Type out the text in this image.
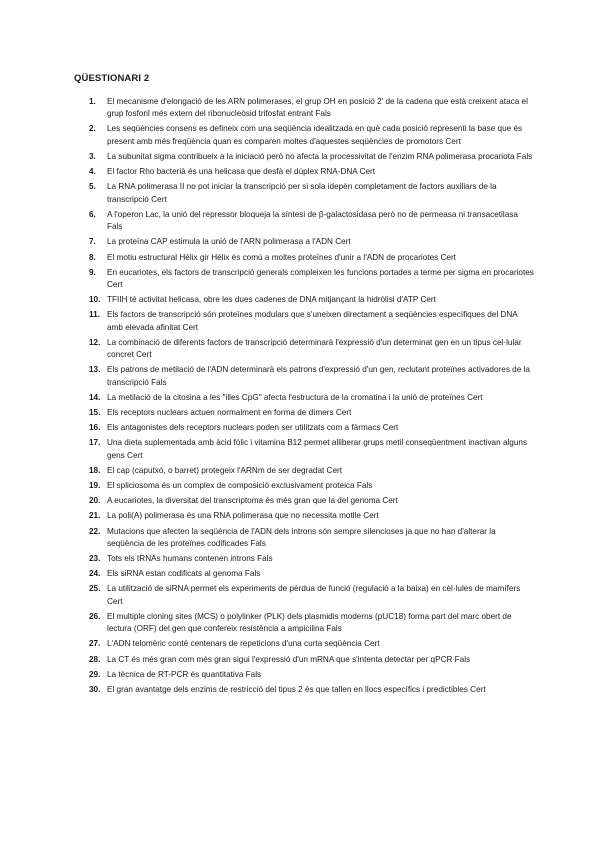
QÜESTIONARI 2
1.	El mecanisme d'elongació de les ARN polimerases, el grup OH en posició 2' de la cadena que està creixent ataca el grup fosforil més extern del ribonucleòsid trifosfat entrant Fals
2.	Les seqüències consens es defineix com una seqüència idealitzada en què cada posició representi la base que és present amb més freqüència quan es comparen moltes d'aquestes seqüències de promotors Cert
3.	La subunitat sigma contribueix a la iniciació però no afecta la processivitat de l'enzim RNA polimerasa procariota Fals
4.	El factor Rho bacterià és una helicasa que desfà el dúplex RNA-DNA Cert
5.	La RNA polimerasa II no pot iniciar la transcripció per si sola idepèn completament de factors auxiliars de la transcripció Cert
6.	A l'operon Lac, la unió del repressor bloqueja la síntesi de β-galactosidasa però no de permeasa ni transacetilasa Fals
7.	La proteïna CAP estimula la unió de l'ARN polimerasa a l'ADN Cert
8.	El motiu estructural Hèlix gir Hèlix és comú a moltes proteïnes d'unir a l'ADN de procariotes Cert
9.	En eucariotes, els factors de transcripció generals compleixen les funcions portades a terme per sigma en procariotes Cert
10. TFIIH té activitat helicasa, obre les dues cadenes de DNA mitjançant la hidròlisi d'ATP Cert
11. Els factors de transcripció són proteïnes modulars que s'uneixen directament a seqüències específiques del DNA amb elevada afinitat Cert
12. La combinació de diferents factors de transcripció determinarà l'expressió d'un determinat gen en un tipus cel·lular concret Cert
13. Els patrons de metilació de l'ADN determinarà els patrons d'expressió d'un gen, reclutant proteïnes activadores de la transcripció Fals
14. La metilació de la citosina a les "illes CpG" afecta l'estructura de la cromatina i la unió de proteïnes Cert
15. Els receptors nuclears actuen normalment en forma de dímers Cert
16. Els antagonistes dels receptors nuclears poden ser utilitzats com a fàrmacs Cert
17. Una dieta suplementada amb àcid fòlic i vitamina B12 permet alliberar grups metil conseqüentment inactivan alguns gens Cert
18. El cap (caputxó, o barret) protegeix l'ARNm de ser degradat Cert
19. El spliciosoma és un complex de composició exclusivament proteica Fals
20. A eucariotes, la diversitat del transcriptoma és més gran que la del genoma Cert
21. La poli(A) polimerasa és una RNA polimerasa que no necessita motlle Cert
22. Mutacions que afecten la seqüència de l'ADN dels introns són sempre silencioses ja que no han d'alterar la seqüència de les proteïnes codificades Fals
23. Tots els tRNAs humans contenen introns Fals
24. Els siRNA estan codificats al genoma Fals
25. La utilització de siRNA permet els experiments de pèrdua de funció (regulació a la baixa) en cèl·lules de mamífers Cert
26. El multiple cloning sites (MCS) o polylinker (PLK) dels plasmidis moderns (pUC18) forma part del marc obert de lectura (ORF) del gen que confereix resistència a ampicilina Fals
27. L'ADN telomèric conté centenars de repeticions d'una curta seqüència Cert
28. La CT és més gran com més gran sigui l'expressió d'un mRNA que s'intenta detectar per qPCR Fals
29. La tècnica de RT-PCR és quantitativa Fals
30. El gran avantatge dels enzims de restricció del tipus 2 és que tallen en llocs específics i predictibles Cert
